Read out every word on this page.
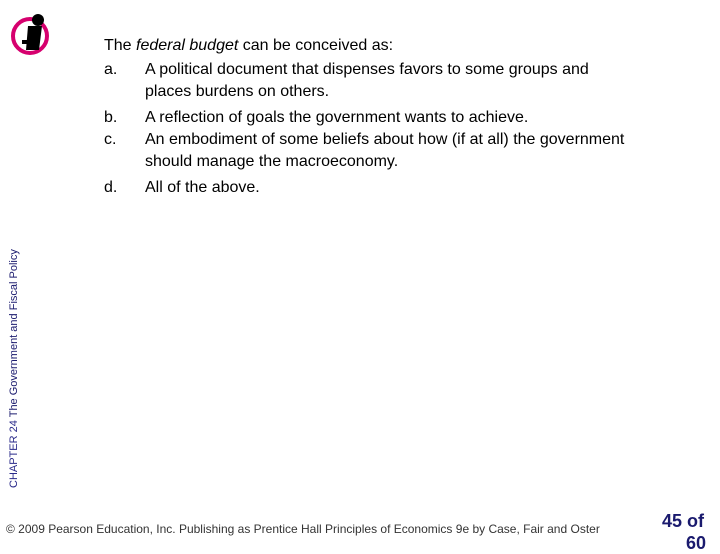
CHAPTER 24 The Government and Fiscal Policy

The federal budget can be conceived as:

a.	A political document that dispenses favors to some groups and places burdens on others.
b.	A reflection of goals the government wants to achieve.
c.	An embodiment of some beliefs about how (if at all) the government should manage the macroeconomy.
d.	All of the above.
© 2009 Pearson Education, Inc. Publishing as Prentice Hall Principles of Economics 9e by Case, Fair and Oster	45 of
60
